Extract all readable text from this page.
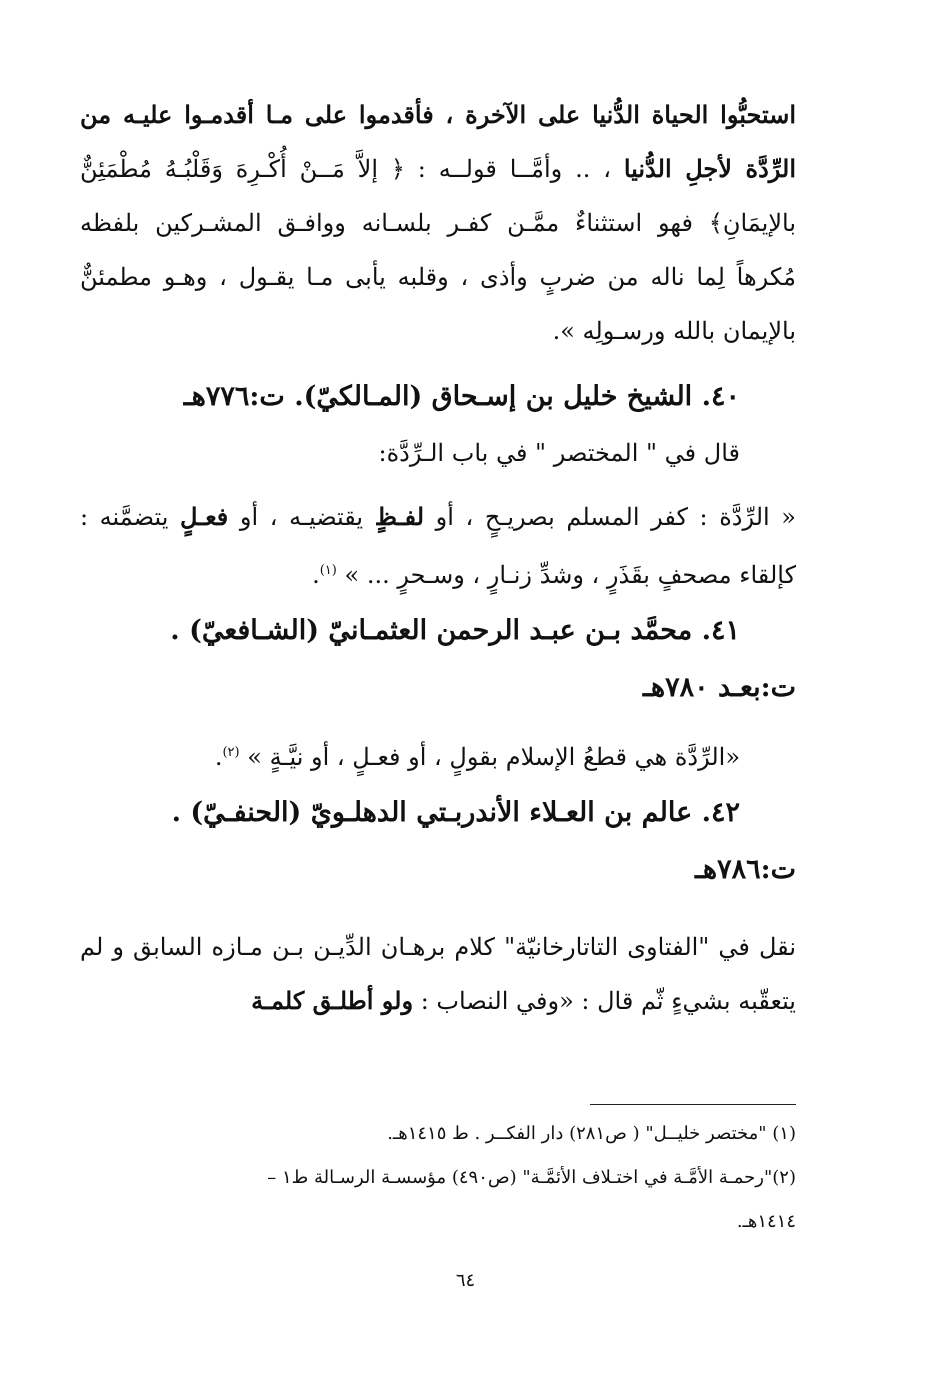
استحبُّوا الحياة الدُّنيا على الآخرة ، فأقدموا على مـا أقدمـوا عليـه من الرِّدَّة لأجلِ الدُّنيا ، .. وأمَّــا قولــه : ﴿ إلاَّ مَــنْ أُكْـرِهَ وَقَلْبُـهُ مُطْمَئِنٌّ بالإيمَانِ﴾ فهو استثناءٌ ممَّـن كفـر بلسـانه ووافـق المشـركين بلفظه مُكرهاً لِما ناله من ضربٍ وأذى ، وقلبه يأبى مـا يقـول ، وهـو مطمئنٌّ بالإيمان بالله ورسـولِه ».

٤٠. الشيخ خليل بن إسـحاق (المـالكيّ). ت:٧٧٦هـ

قال في " المختصر " في باب الـرِّدَّة:

« الرِّدَّة : كفر المسلم بصريـحٍ ، أو لفـظٍ يقتضيـه ، أو فعـلٍ يتضمَّنه : كإلقاء مصحفٍ بقَذَرٍ ، وشدِّ زنـارٍ ، وسـحرٍ ... » $^{(١)}$.

٤١. محمَّد بـن عبـد الرحمن العثمـانيّ (الشـافعيّ) .

ت:بعـد ٧٨٠هـ

«الرِّدَّة هي قطعُ الإسلام بقولٍ ، أو فعـلٍ ، أو نيَّـةٍ » $^{(٢)}$.

٤٢. عالم بن العـلاء الأندربـتي الدهلـويّ (الحنفـيّ) .

ت:٧٨٦هـ

نقل في "الفتاوى التاتارخانيّة" كلام برهـان الدِّيـن بـن مـازه السابق و لم يتعقّبه بشيءٍ ثّم قال : «وفي النصاب : ولو أطلـق كلمـة

(١) "مختصر خليــل" ( ص٢٨١) دار الفكــر . ط ١٤١٥هـ.

(٢)"رحمـة الأمَّـة في اختـلاف الأئمَّـة" (ص٤٩٠) مؤسسـة الرسـالة ط١ –

١٤١٤هـ.

٦٤
